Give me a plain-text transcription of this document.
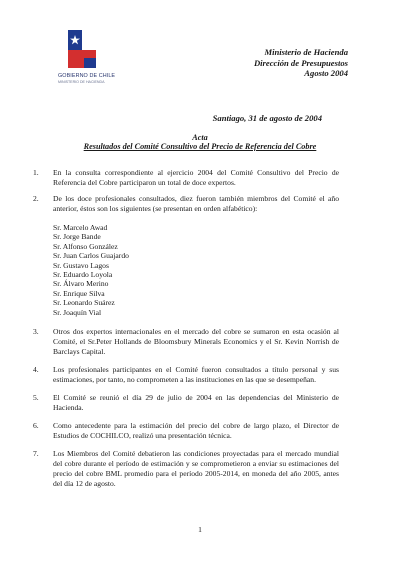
GOBIERNO DE CHILE
MINISTERIO DE HACIENDA
Ministerio de Hacienda
Dirección de Presupuestos
Agosto 2004
Santiago, 31 de agosto de 2004
Acta
Resultados del Comité Consultivo del Precio de Referencia del Cobre
1. En la consulta correspondiente al ejercicio 2004 del Comité Consultivo del Precio de Referencia del Cobre participaron un total de doce expertos.
2. De los doce profesionales consultados, diez fueron también miembros del Comité el año anterior, éstos son los siguientes (se presentan en orden alfabético):
Sr. Marcelo Awad
Sr. Jorge Bande
Sr. Alfonso González
Sr. Juan Carlos Guajardo
Sr. Gustavo Lagos
Sr. Eduardo Loyola
Sr. Álvaro Merino
Sr. Enrique Silva
Sr. Leonardo Suárez
Sr. Joaquín Vial
3. Otros dos expertos internacionales en el mercado del cobre se sumaron en esta ocasión al Comité, el Sr.Peter Hollands de Bloomsbury Minerals Economics y el Sr. Kevin Norrish de Barclays Capital.
4. Los profesionales participantes en el Comité fueron consultados a título personal y sus estimaciones, por tanto, no comprometen a las instituciones en las que se desempeñan.
5. El Comité se reunió el día 29 de julio de 2004 en las dependencias del Ministerio de Hacienda.
6. Como antecedente para la estimación del precio del cobre de largo plazo, el Director de Estudios de COCHILCO, realizó una presentación técnica.
7. Los Miembros del Comité debatieron las condiciones proyectadas para el mercado mundial del cobre durante el período de estimación y se comprometieron a enviar su estimaciones del precio del cobre BML promedio para el período 2005-2014, en moneda del año 2005, antes del día 12 de agosto.
1
